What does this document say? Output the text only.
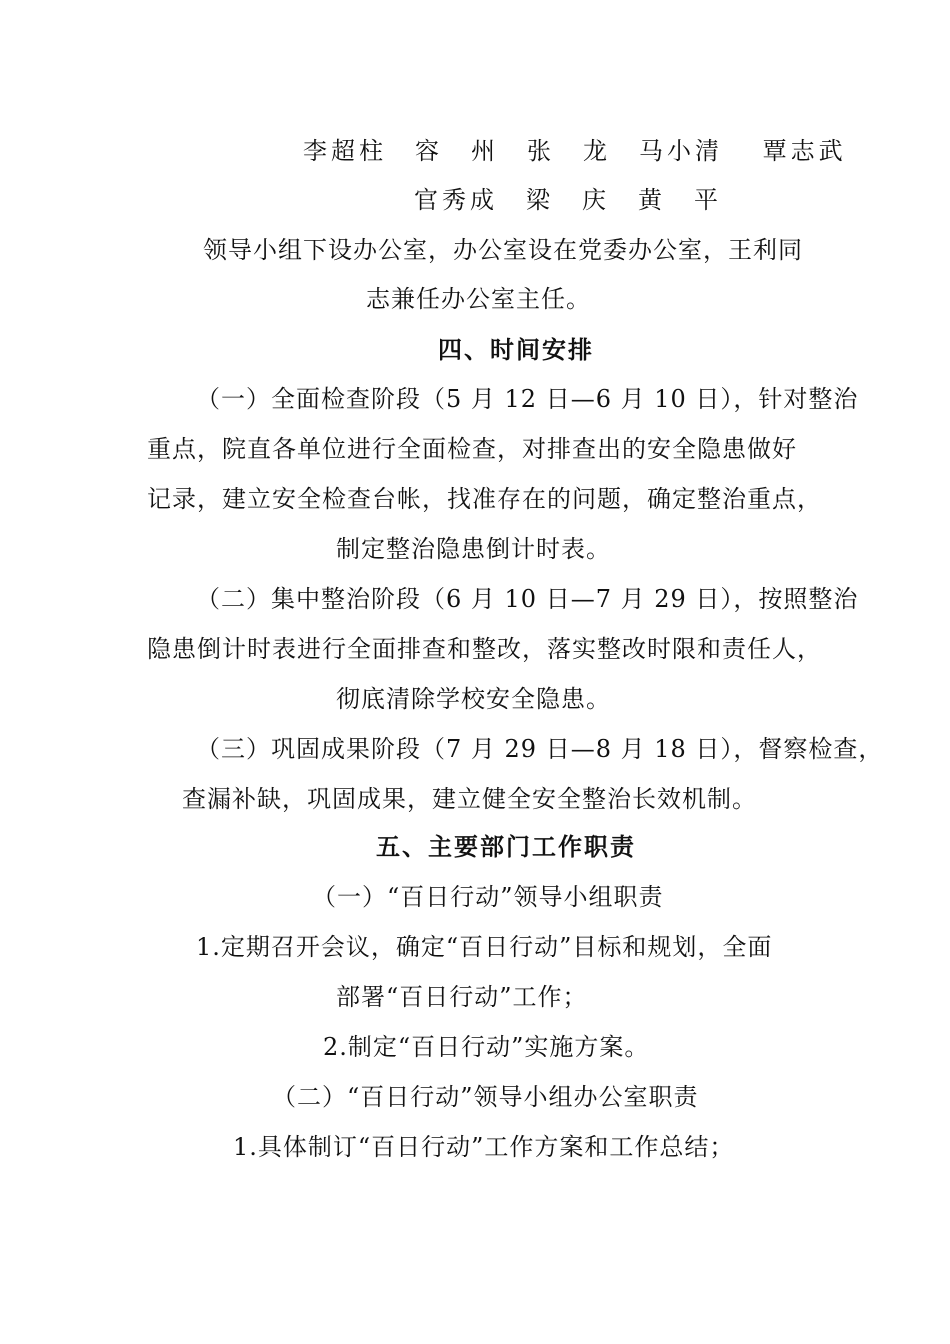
李超柱　容　州　张　龙　马小清　 覃志武
官秀成　梁　庆　黄　平
领导小组下设办公室，办公室设在党委办公室，王利同
志兼任办公室主任。
四、时间安排
（一）全面检查阶段（5 月 12 日—6 月 10 日），针对整治
重点，院直各单位进行全面检查，对排查出的安全隐患做好
记录，建立安全检查台帐，找准存在的问题，确定整治重点，
制定整治隐患倒计时表。
（二）集中整治阶段（6 月 10 日—7 月 29 日），按照整治
隐患倒计时表进行全面排查和整改，落实整改时限和责任人，
彻底清除学校安全隐患。
（三）巩固成果阶段（7 月 29 日—8 月 18 日），督察检查，
查漏补缺，巩固成果，建立健全安全整治长效机制。
五、主要部门工作职责
（一）“百日行动”领导小组职责
1.定期召开会议，确定“百日行动”目标和规划，全面
部署“百日行动”工作；
2.制定“百日行动”实施方案。
（二）“百日行动”领导小组办公室职责
1.具体制订“百日行动”工作方案和工作总结；
